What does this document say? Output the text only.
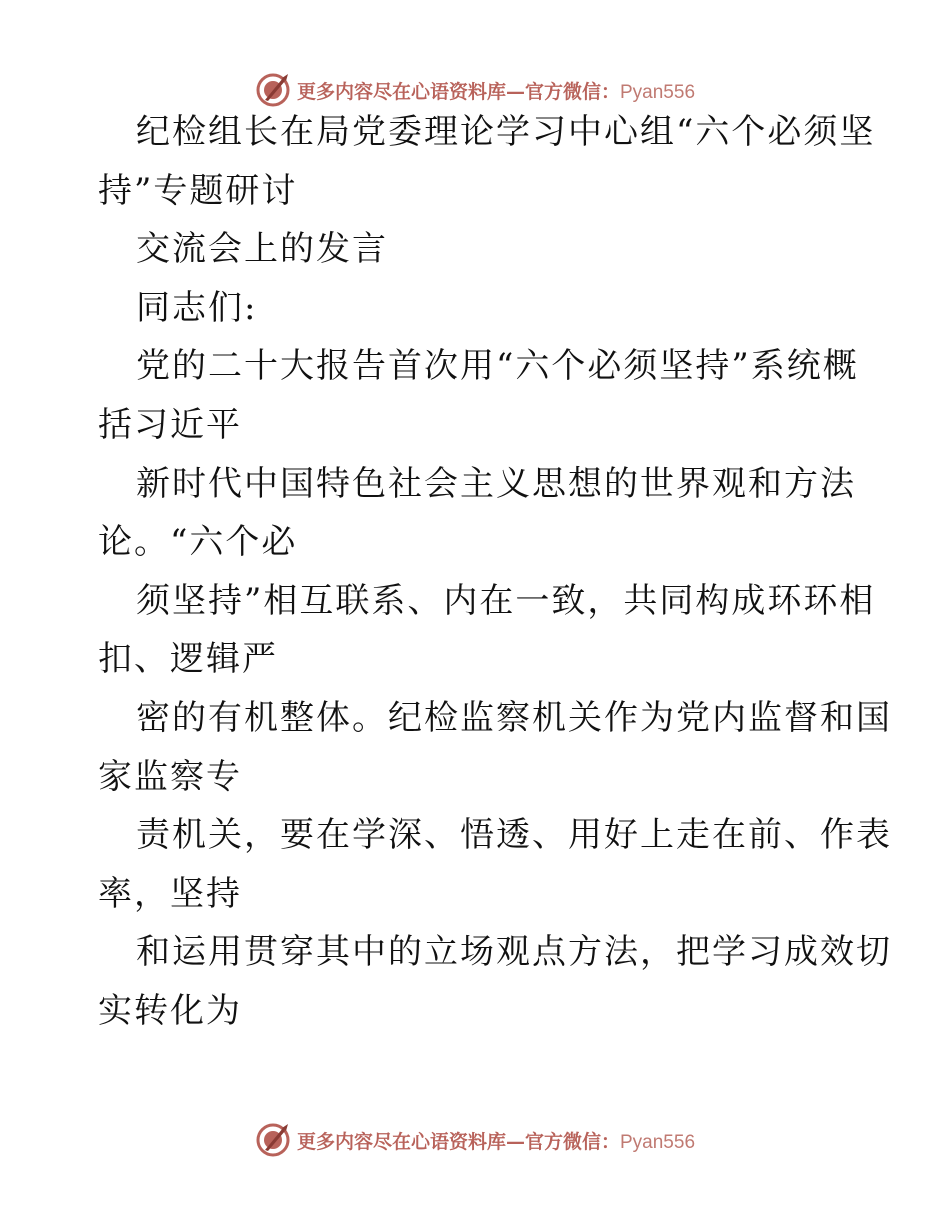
更多内容尽在心语资料库—官方微信：Pyan556
纪检组长在局党委理论学习中心组“六个必须坚
持”专题研讨
交流会上的发言
同志们:
党的二十大报告首次用“六个必须坚持”系统概
括习近平
新时代中国特色社会主义思想的世界观和方法
论。“六个必
须坚持”相互联系、内在一致，共同构成环环相
扣、逻辑严
密的有机整体。纪检监察机关作为党内监督和国
家监察专
责机关，要在学深、悟透、用好上走在前、作表
率，坚持
和运用贯穿其中的立场观点方法，把学习成效切
实转化为
更多内容尽在心语资料库—官方微信：Pyan556
